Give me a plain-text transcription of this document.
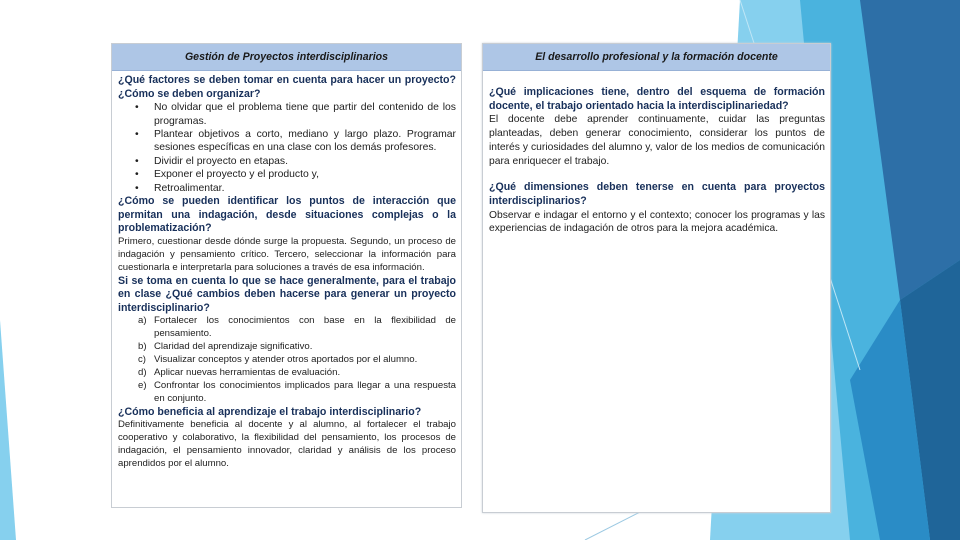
Gestión de Proyectos interdisciplinarios

¿Qué factores se deben tomar en cuenta para hacer un proyecto? ¿Cómo se deben organizar?

• No olvidar que el problema tiene que partir del contenido de los programas.
• Plantear objetivos a corto, mediano y largo plazo. Programar sesiones específicas en una clase con los demás profesores.
• Dividir el proyecto en etapas.
• Exponer el proyecto y el producto y,
• Retroalimentar.

¿Cómo se pueden identificar los puntos de interacción que permitan una indagación, desde situaciones complejas o la problematización?

Primero, cuestionar desde dónde surge la propuesta. Segundo, un proceso de indagación y pensamiento crítico. Tercero, seleccionar la información para cuestionarla e interpretarla para soluciones a través de esa información.

Si se toma en cuenta lo que se hace generalmente, para el trabajo en clase ¿Qué cambios deben hacerse para generar un proyecto interdisciplinario?

a) Fortalecer los conocimientos con base en la flexibilidad de pensamiento.
b) Claridad del aprendizaje significativo.
c) Visualizar conceptos y atender otros aportados por el alumno.
d) Aplicar nuevas herramientas de evaluación.
e) Confrontar los conocimientos implicados para llegar a una respuesta en conjunto.

¿Cómo beneficia al aprendizaje el trabajo interdisciplinario?

Definitivamente beneficia al docente y al alumno, al fortalecer el trabajo cooperativo y colaborativo, la flexibilidad del pensamiento, los procesos de indagación, el pensamiento innovador, claridad y análisis de los proceso aprendidos por el alumno.

El desarrollo profesional y la formación docente

¿Qué implicaciones tiene, dentro del esquema de formación docente, el trabajo orientado hacia la interdisciplinariedad?

El docente debe aprender continuamente, cuidar las preguntas planteadas, deben generar conocimiento, considerar los puntos de interés y curiosidades del alumno y, valor de los medios de comunicación para enriquecer el trabajo.

¿Qué dimensiones deben tenerse en cuenta para proyectos interdisciplinarios?

Observar e indagar el entorno y el contexto; conocer los programas y las experiencias de indagación de otros para la mejora académica.
